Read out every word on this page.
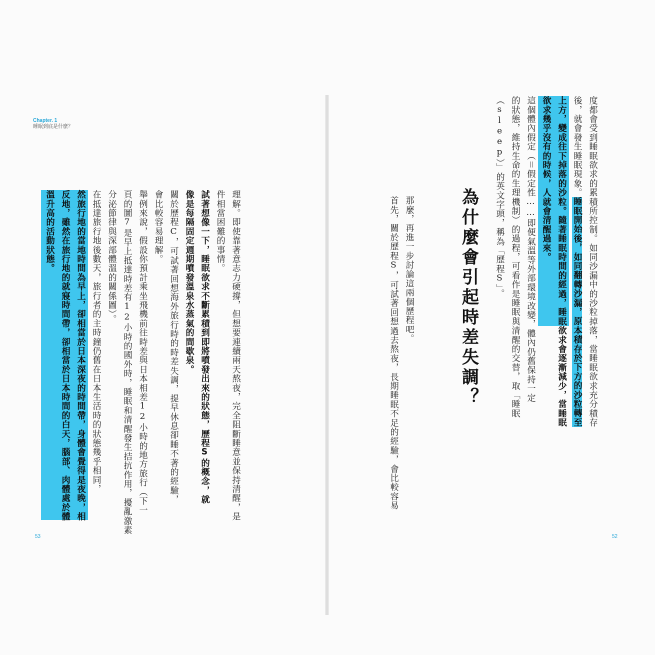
Chapter. 1
睡眠到底是什麼？	度都會受到睡眠欲求的累積所控制。如同沙漏中的沙粒掉落，當睡眠欲求充分積存
後，就會發生睡眠現象。睡眠開始後，如同翻轉沙漏，原本積存於下方的沙粒轉至
上方，變成往下掉落的沙粒。隨著睡眠時間的經過，睡眠欲求會逐漸減少，當睡眠
欲求幾乎沒有的時候，人就會清醒過來。
這個體內假定（＝假定性……即便氣溫等外部環境改變，體內仍舊保持一定
的狀態，維持生命的生理機制）的過程，可看作是睡眠與清醒的交替，取「睡眠
（sleep）」的英文字頭，稱為「歷程S」。
為什麼會引起時差失調？
那麼，再進一步討論這兩個歷程吧。
首先，關於歷程S，可試著回想過去熬夜，長期睡眠不足的經驗，會比較容易
理解。即使靠著意志力硬撐，但想要連續兩天熬夜，完全阻斷睡意並保持清醒，是
件相當困難的事情。
試著想像一下，睡眠欲求不斷累積到即將噴發出來的狀態，歷程S的概念，就
像是每隔固定週期噴發溫泉水蒸氣的間歇泉。
關於歷程C，可試著回想海外旅行時的時差失調，提早休息卻睡不著的經驗，
會比較容易理解。
舉例來說，假設你預計乘坐飛機前往時差與日本相差12小時的地方旅行（下一
頁的圖7是早上抵達時差有12小時的國外時，睡眠和清醒發生拮抗作用，擾亂激素
分泌節律與深部體溫的關係圖）。
在抵達旅行地後數天，旅行者的主時鐘仍舊在日本生活時的狀態幾乎相同，
然旅行地的當地時間為早上，卻相當於日本深夜的時間帶，身體會覺得是夜晚，相
反地，雖然在旅行地的就寢時間帶，卻相當於日本時間的白天，腦部、肉體處於體
溫升高的活動狀態。
53	52
